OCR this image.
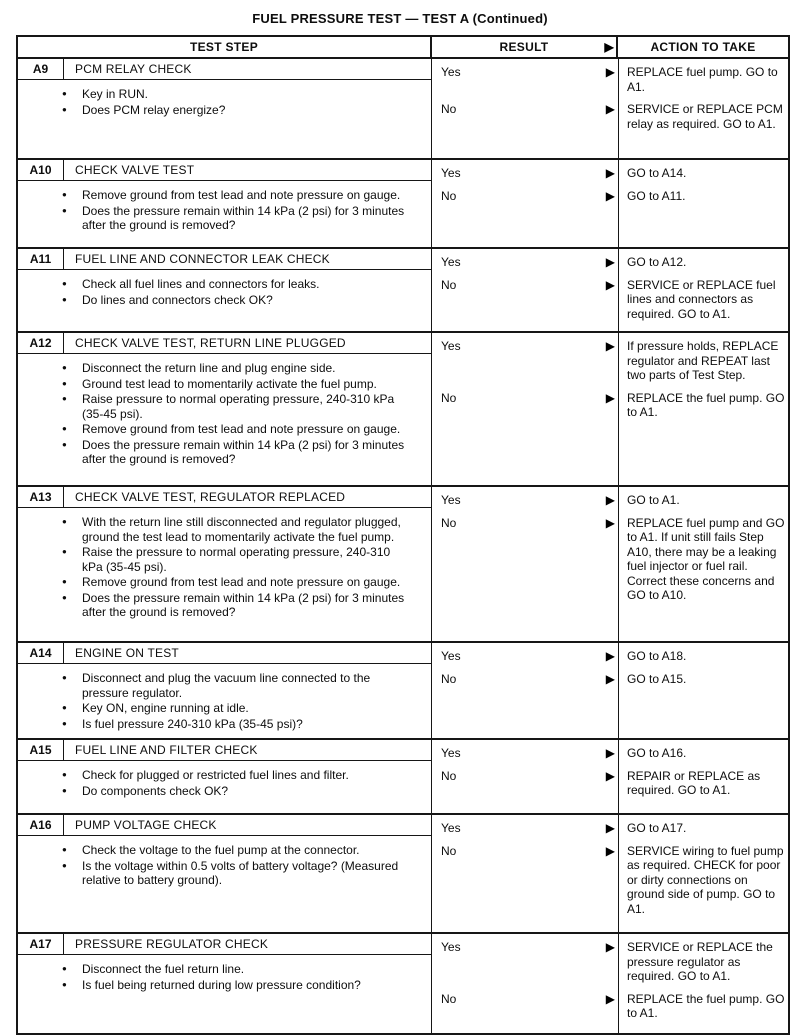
FUEL PRESSURE TEST — TEST A (Continued)
TEST STEP	RESULT	▶	ACTION TO TAKE
A9	PCM RELAY CHECK
●	Key in RUN.
●	Does PCM relay energize?
Yes	▶	REPLACE fuel pump. GO to A1.
No	▶	SERVICE or REPLACE PCM relay as required. GO to A1.
A10	CHECK VALVE TEST
●	Remove ground from test lead and note pressure on gauge.
●	Does the pressure remain within 14 kPa (2 psi) for 3 minutes after the ground is removed?
Yes	▶	GO to A14.
No	▶	GO to A11.
A11	FUEL LINE AND CONNECTOR LEAK CHECK
●	Check all fuel lines and connectors for leaks.
●	Do lines and connectors check OK?
Yes	▶	GO to A12.
No	▶	SERVICE or REPLACE fuel lines and connectors as required. GO to A1.
A12	CHECK VALVE TEST, RETURN LINE PLUGGED
●	Disconnect the return line and plug engine side.
●	Ground test lead to momentarily activate the fuel pump.
●	Raise pressure to normal operating pressure, 240-310 kPa (35-45 psi).
●	Remove ground from test lead and note pressure on gauge.
●	Does the pressure remain within 14 kPa (2 psi) for 3 minutes after the ground is removed?
Yes	▶	If pressure holds, REPLACE regulator and REPEAT last two parts of Test Step.
No	▶	REPLACE the fuel pump. GO to A1.
A13	CHECK VALVE TEST, REGULATOR REPLACED
●	With the return line still disconnected and regulator plugged, ground the test lead to momentarily activate the fuel pump.
●	Raise the pressure to normal operating pressure, 240-310 kPa (35-45 psi).
●	Remove ground from test lead and note pressure on gauge.
●	Does the pressure remain within 14 kPa (2 psi) for 3 minutes after the ground is removed?
Yes	▶	GO to A1.
No	▶	REPLACE fuel pump and GO to A1. If unit still fails Step A10, there may be a leaking fuel injector or fuel rail. Correct these concerns and GO to A10.
A14	ENGINE ON TEST
●	Disconnect and plug the vacuum line connected to the pressure regulator.
●	Key ON, engine running at idle.
●	Is fuel pressure 240-310 kPa (35-45 psi)?
Yes	▶	GO to A18.
No	▶	GO to A15.
A15	FUEL LINE AND FILTER CHECK
●	Check for plugged or restricted fuel lines and filter.
●	Do components check OK?
Yes	▶	GO to A16.
No	▶	REPAIR or REPLACE as required. GO to A1.
A16	PUMP VOLTAGE CHECK
●	Check the voltage to the fuel pump at the connector.
●	Is the voltage within 0.5 volts of battery voltage? (Measured relative to battery ground).
Yes	▶	GO to A17.
No	▶	SERVICE wiring to fuel pump as required. CHECK for poor or dirty connections on ground side of pump. GO to A1.
A17	PRESSURE REGULATOR CHECK
●	Disconnect the fuel return line.
●	Is fuel being returned during low pressure condition?
Yes	▶	SERVICE or REPLACE the pressure regulator as required. GO to A1.
No	▶	REPLACE the fuel pump. GO to A1.
